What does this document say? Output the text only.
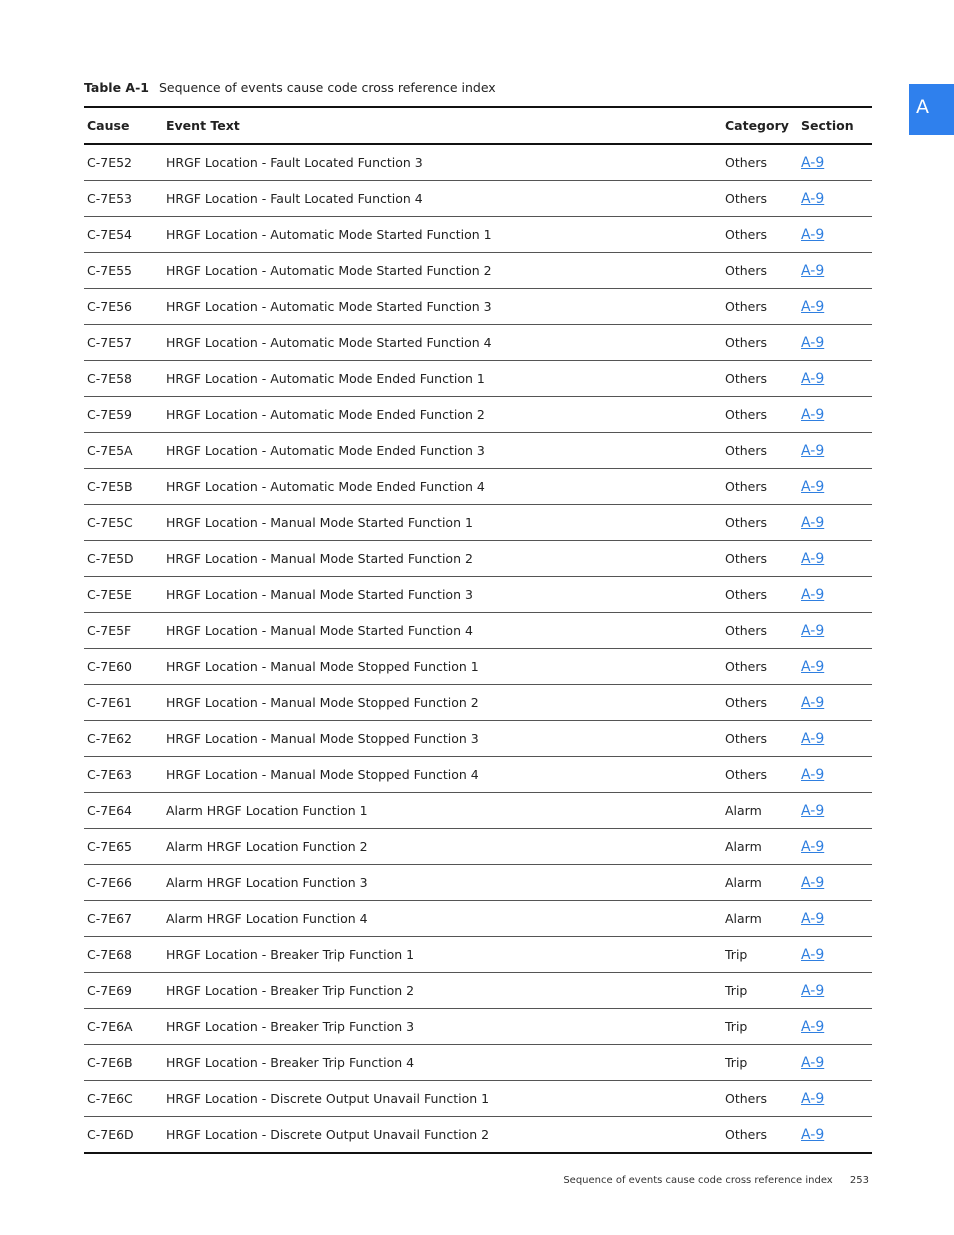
Table A-1 Sequence of events cause code cross reference index
A
Cause	Event Text	Category	Section
C-7E52	HRGF Location - Fault Located Function 3	Others	A-9
C-7E53	HRGF Location - Fault Located Function 4	Others	A-9
C-7E54	HRGF Location - Automatic Mode Started Function 1	Others	A-9
C-7E55	HRGF Location - Automatic Mode Started Function 2	Others	A-9
C-7E56	HRGF Location - Automatic Mode Started Function 3	Others	A-9
C-7E57	HRGF Location - Automatic Mode Started Function 4	Others	A-9
C-7E58	HRGF Location - Automatic Mode Ended Function 1	Others	A-9
C-7E59	HRGF Location - Automatic Mode Ended Function 2	Others	A-9
C-7E5A	HRGF Location - Automatic Mode Ended Function 3	Others	A-9
C-7E5B	HRGF Location - Automatic Mode Ended Function 4	Others	A-9
C-7E5C	HRGF Location - Manual Mode Started Function 1	Others	A-9
C-7E5D	HRGF Location - Manual Mode Started Function 2	Others	A-9
C-7E5E	HRGF Location - Manual Mode Started Function 3	Others	A-9
C-7E5F	HRGF Location - Manual Mode Started Function 4	Others	A-9
C-7E60	HRGF Location - Manual Mode Stopped Function 1	Others	A-9
C-7E61	HRGF Location - Manual Mode Stopped Function 2	Others	A-9
C-7E62	HRGF Location - Manual Mode Stopped Function 3	Others	A-9
C-7E63	HRGF Location - Manual Mode Stopped Function 4	Others	A-9
C-7E64	Alarm HRGF Location Function 1	Alarm	A-9
C-7E65	Alarm HRGF Location Function 2	Alarm	A-9
C-7E66	Alarm HRGF Location Function 3	Alarm	A-9
C-7E67	Alarm HRGF Location Function 4	Alarm	A-9
C-7E68	HRGF Location - Breaker Trip Function 1	Trip	A-9
C-7E69	HRGF Location - Breaker Trip Function 2	Trip	A-9
C-7E6A	HRGF Location - Breaker Trip Function 3	Trip	A-9
C-7E6B	HRGF Location - Breaker Trip Function 4	Trip	A-9
C-7E6C	HRGF Location - Discrete Output Unavail Function 1	Others	A-9
C-7E6D	HRGF Location - Discrete Output Unavail Function 2	Others	A-9
Sequence of events cause code cross reference index 253
